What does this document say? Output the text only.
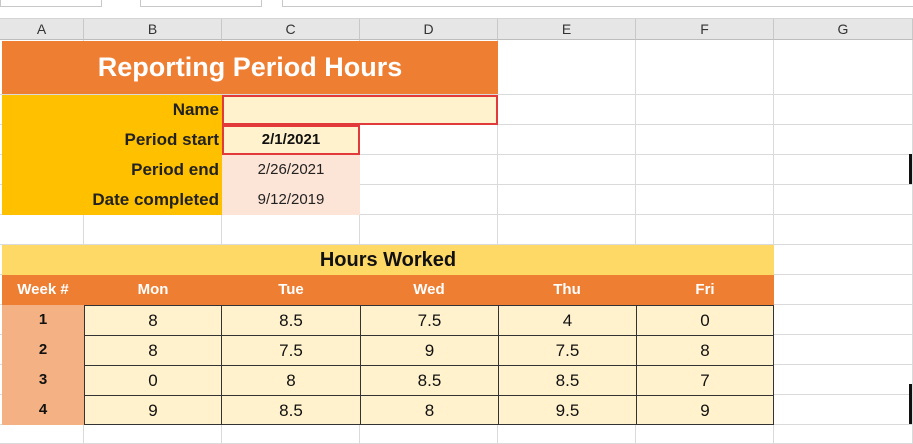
A	B	C	D	E	F	G
Reporting Period Hours
Name
Period start	2/1/2021
Period end	2/26/2021
Date completed	9/12/2019
Hours Worked
Week #	Mon	Tue	Wed	Thu	Fri
1	8	8.5	7.5	4	0
2	8	7.5	9	7.5	8
3	0	8	8.5	8.5	7
4	9	8.5	8	9.5	9
